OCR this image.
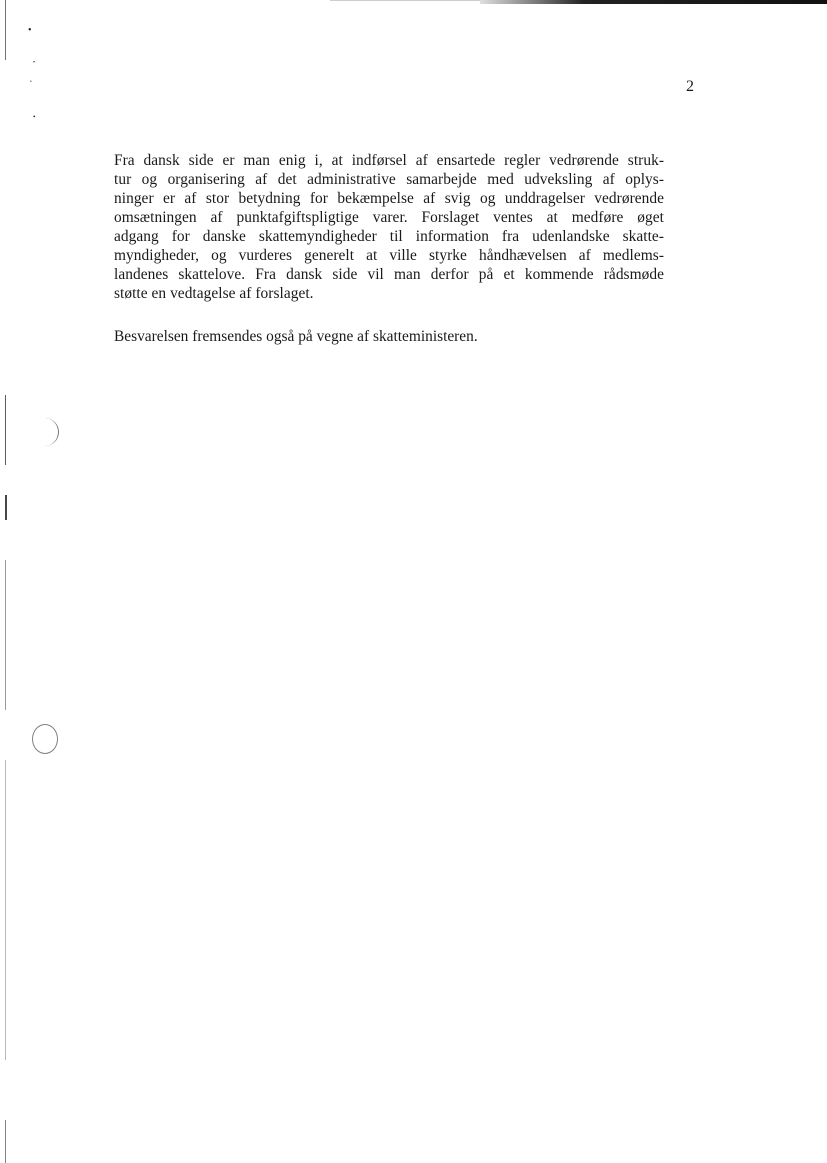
•
•
•
•
2

Fra dansk side er man enig i, at indførsel af ensartede regler vedrørende struk-
tur og organisering af det administrative samarbejde med udveksling af oplys-
ninger er af stor betydning for bekæmpelse af svig og unddragelser vedrørende
omsætningen af punktafgiftspligtige varer. Forslaget ventes at medføre øget
adgang for danske skattemyndigheder til information fra udenlandske skatte-
myndigheder, og vurderes generelt at ville styrke håndhævelsen af medlems-
landenes skattelove. Fra dansk side vil man derfor på et kommende rådsmøde
støtte en vedtagelse af forslaget.

Besvarelsen fremsendes også på vegne af skatteministeren.
